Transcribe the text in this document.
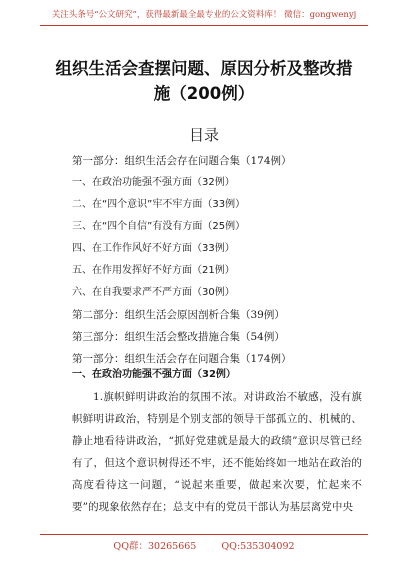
关注头条号“公文研究”，获得最新最全最专业的公文资料库！ 微信：gongwenyj
组织生活会查摆问题、原因分析及整改措施（200例）
目录
第一部分：组织生活会存在问题合集（174例）
一、在政治功能强不强方面（32例）
二、在“四个意识”牢不牢方面（33例）
三、在“四个自信”有没有方面（25例）
四、在工作作风好不好方面（33例）
五、在作用发挥好不好方面（21例）
六、在自我要求严不严方面（30例）
第二部分：组织生活会原因剖析合集（39例）
第三部分：组织生活会整改措施合集（54例）
第一部分：组织生活会存在问题合集（174例）
一、在政治功能强不强方面（32例）

1.旗帜鲜明讲政治的氛围不浓。对讲政治不敏感，没有旗帜鲜明讲政治，特别是个别支部的领导干部孤立的、机械的、静止地看待讲政治，“抓好党建就是最大的政绩”意识尽管已经有了，但这个意识树得还不牢，还不能始终如一地站在政治的高度看待这一问题，“说起来重要，做起来次要，忙起来不要”的现象依然存在；总支中有的党员干部认为基层离党中央

QQ群：30265665	QQ:535304092
